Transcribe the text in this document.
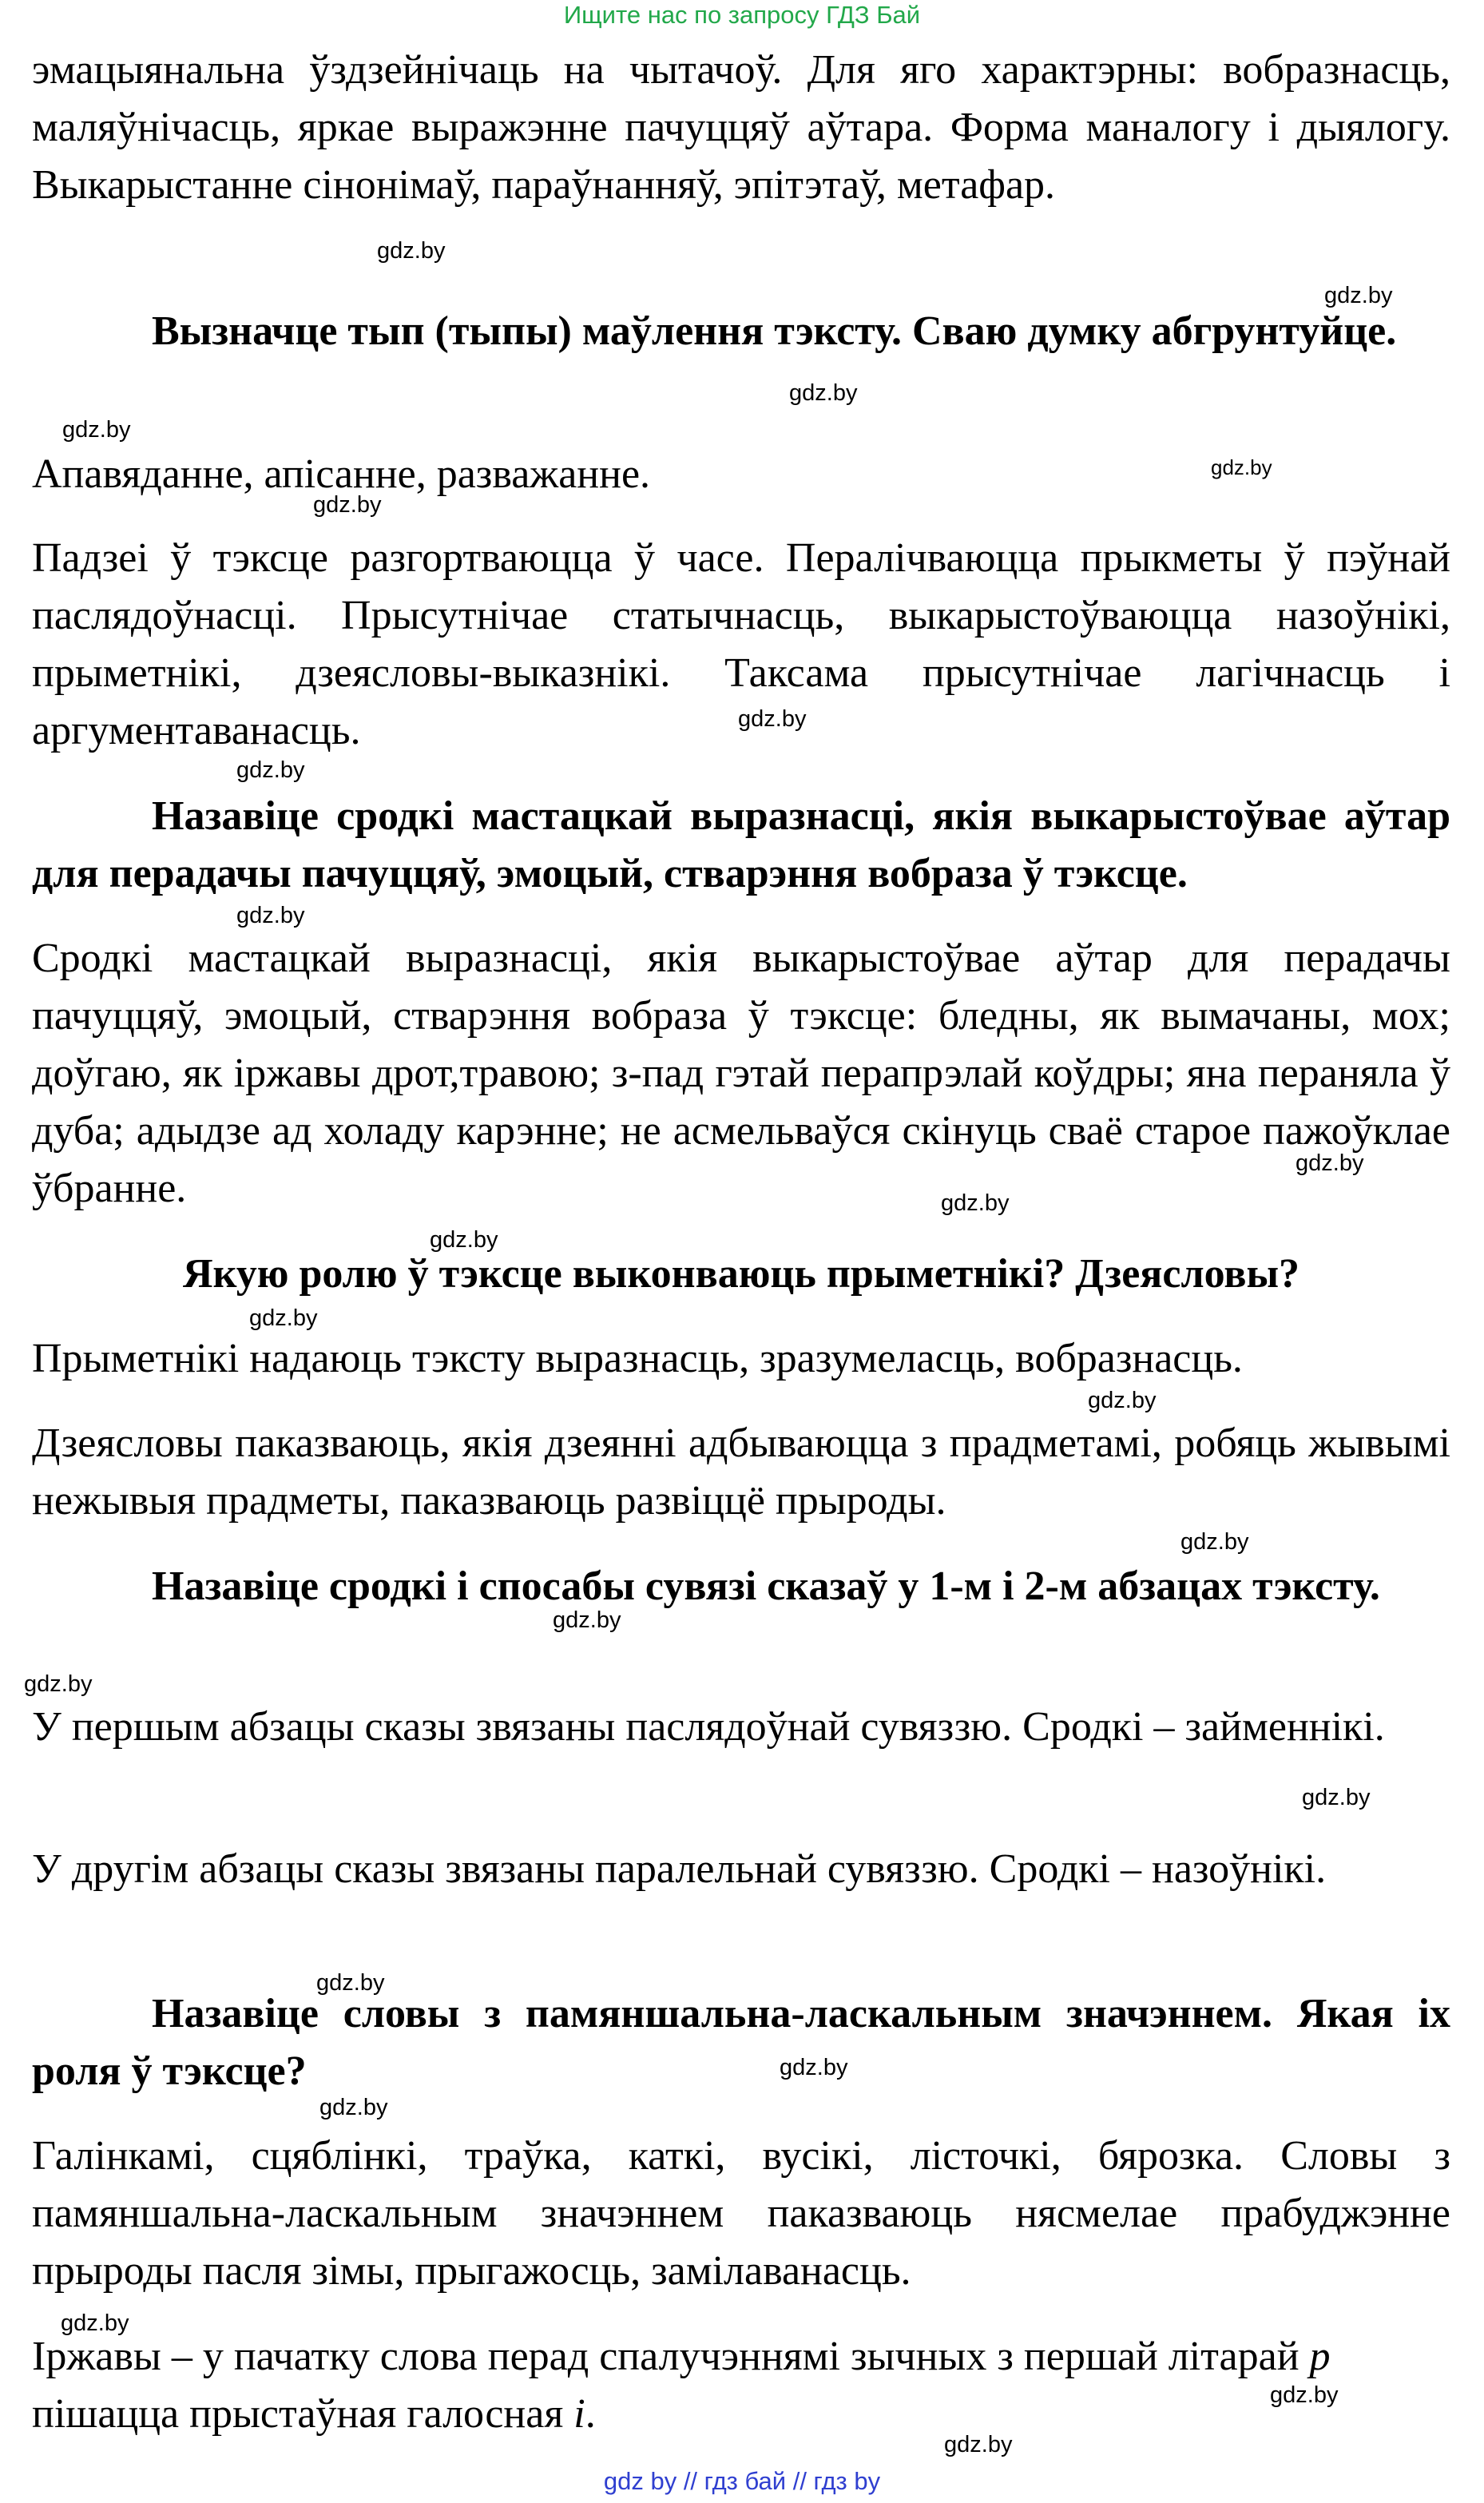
Ищите нас по запросу ГДЗ Бай
эмацыянальна ўздзейнічаць на чытачоў. Для яго характэрны: вобразнасць, маляўнічасць, яркае выражэнне пачуццяў аўтара. Форма маналогу і дыялогу. Выкарыстанне сінонімаў, параўнанняў, эпітэтаў, метафар.
Вызначце тып (тыпы) маўлення тэксту. Сваю думку абгрунтуйце.
Апавяданне, апісанне, разважанне.
Падзеі ў тэксце разгортваюцца ў часе. Пералічваюцца прыкметы ў пэўнай паслядоўнасці. Прысутнічае статычнасць, выкарыстоўваюцца назоўнікі, прыметнікі, дзеясловы-выказнікі. Таксама прысутнічае лагічнасць і аргументаванасць.
Назавіце сродкі мастацкай выразнасці, якія выкарыстоўвае аўтар для перадачы пачуццяў, эмоцый, стварэння вобраза ў тэксце.
Сродкі мастацкай выразнасці, якія выкарыстоўвае аўтар для перадачы пачуццяў, эмоцый, стварэння вобраза ў тэксце: бледны, як вымачаны, мох; доўгаю, як іржавы дрот,травою; з-пад гэтай перапрэлай коўдры; яна пераняла ў дуба; адыдзе ад холаду карэнне; не асмельваўся скінуць сваё старое пажоўклае ўбранне.
Якую ролю ў тэксце выконваюць прыметнікі? Дзеясловы?
Прыметнікі надаюць тэксту выразнасць, зразумеласць, вобразнасць.
Дзеясловы паказваюць, якія дзеянні адбываюцца з прадметамі, робяць жывымі нежывыя прадметы, паказваюць развіццё прыроды.
Назавіце сродкі і спосабы сувязі сказаў у 1-м і 2-м абзацах тэксту.
У першым абзацы сказы звязаны паслядоўнай сувяззю. Сродкі – займеннікі.
У другім абзацы сказы звязаны паралельнай сувяззю. Сродкі – назоўнікі.
Назавіце словы з памяншальна-ласкальным значэннем. Якая іх роля ў тэксце?
Галінкамі, сцяблінкі, траўка, каткі, вусікі, лісточкі, бярозка. Словы з памяншальна-ласкальным значэннем паказваюць нясмелае прабуджэнне прыроды пасля зімы, прыгажосць, замілаванасць.
Іржавы – у пачатку слова перад спалучэннямі зычных з першай літарай р пішацца прыстаўная галосная і.
gdz.by
gdz.by
gdz.by
gdz.by
gdz.by
gdz.by
gdz.by
gdz.by
gdz.by
gdz.by
gdz.by
gdz.by
gdz.by
gdz.by
gdz.by
gdz.by
gdz.by
gdz.by
gdz.by
gdz.by
gdz.by
gdz.by
gdz.by
gdz.by
gdz by // гдз бай // гдз by
